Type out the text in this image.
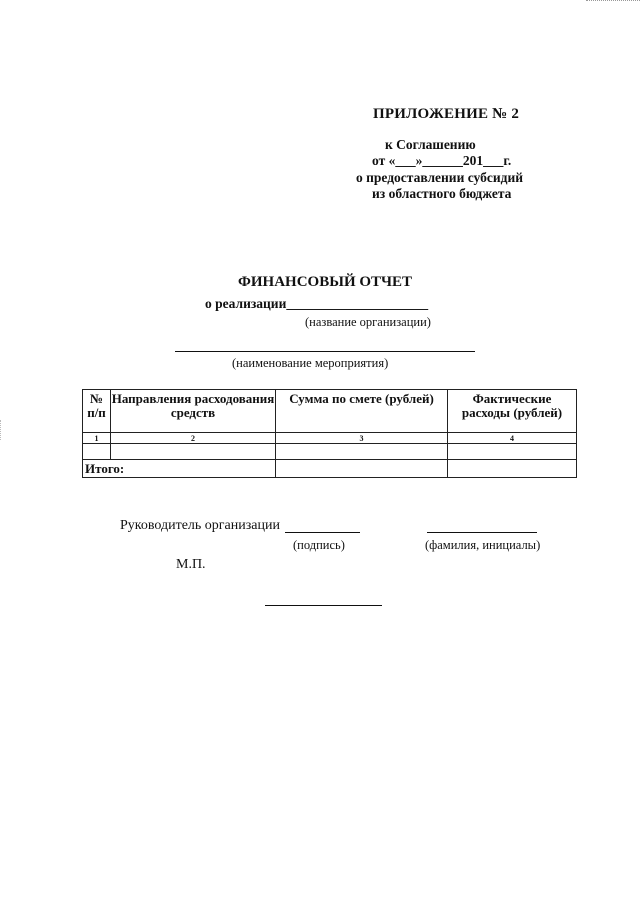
ПРИЛОЖЕНИЕ № 2
к Соглашению
от «___»______201___г.
о предоставлении субсидий
из областного бюджета
ФИНАНСОВЫЙ ОТЧЕТ
о реализации_____________________
(название организации)
(наименование мероприятия)
№ п/п	Направления расходования средств	Сумма по смете (рублей)	Фактические расходы (рублей)

1	2	3	4

Итого:			
Руководитель организации
(подпись)	(фамилия, инициалы)
М.П.
